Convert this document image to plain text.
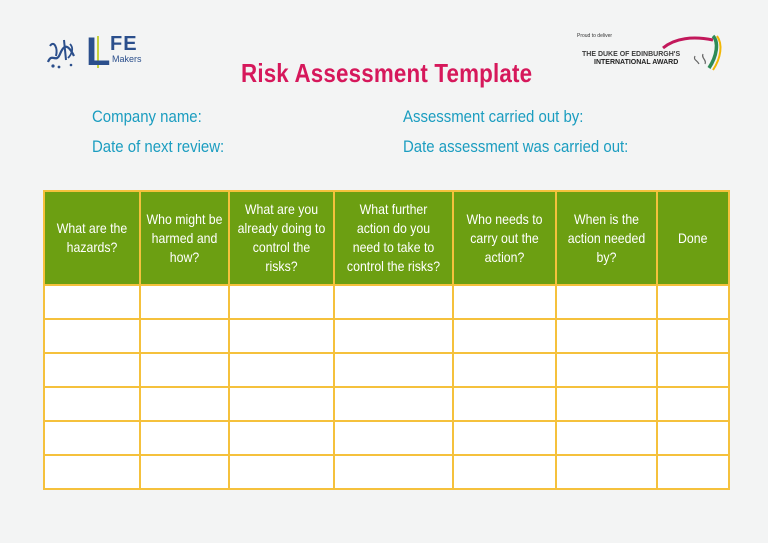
L FE
Makers
Proud to deliver
THE DUKE OF EDINBURGH'S
INTERNATIONAL AWARD
Risk Assessment Template
Company name:
Date of next review:
Assessment carried out by:
Date assessment was carried out:
What are the hazards?	Who might be harmed and how?	What are you already doing to control the risks?	What further action do you need to take to control the risks?	Who needs to carry out the action?	When is the action needed by?	Done
